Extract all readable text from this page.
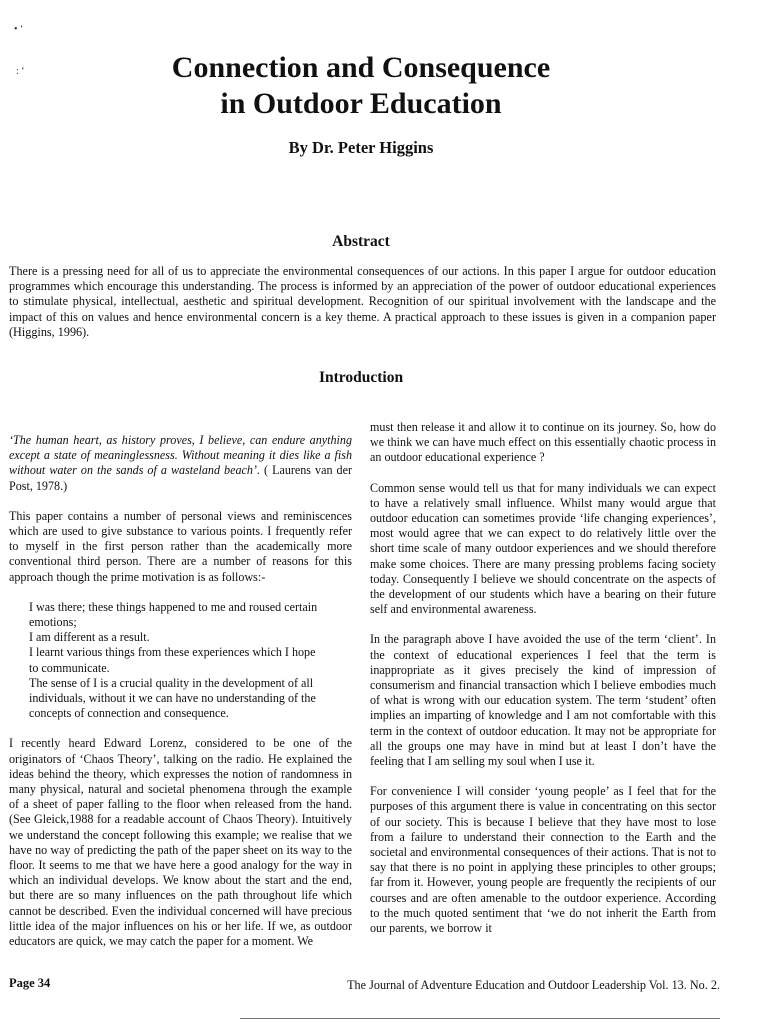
• ‘
: ‘	Connection and Consequence
in Outdoor Education
By Dr. Peter Higgins
Abstract

There is a pressing need for all of us to appreciate the environmental consequences of our actions. In this paper I argue for outdoor education programmes which encourage this understanding. The process is informed by an appreciation of the power of outdoor educational experiences to stimulate physical, intellectual, aesthetic and spiritual development. Recognition of our spiritual involvement with the landscape and the impact of this on values and hence environmental concern is a key theme. A practical approach to these issues is given in a companion paper (Higgins, 1996).

Introduction

‘The human heart, as history proves, I believe, can endure anything except a state of meaninglessness. Without meaning it dies like a fish without water on the sands of a wasteland beach’. ( Laurens van der Post, 1978.)

This paper contains a number of personal views and reminiscences which are used to give substance to various points. I frequently refer to myself in the first person rather than the academically more conventional third person. There are a number of reasons for this approach though the prime motivation is as follows:-

I was there; these things happened to me and roused certain
emotions;
I am different as a result.
I learnt various things from these experiences which I hope
to communicate.
The sense of I is a crucial quality in the development of all
individuals, without it we can have no understanding of the concepts of connection and consequence.

I recently heard Edward Lorenz, considered to be one of the originators of ‘Chaos Theory’, talking on the radio. He explained the ideas behind the theory, which expresses the notion of randomness in many physical, natural and societal phenomena through the example of a sheet of paper falling to the floor when released from the hand. (See Gleick,1988 for a readable account of Chaos Theory). Intuitively we understand the concept following this example; we realise that we have no way of predicting the path of the paper sheet on its way to the floor. It seems to me that we have here a good analogy for the way in which an individual develops. We know about the start and the end, but there are so many influences on the path throughout life which cannot be described. Even the individual concerned will have precious little idea of the major influences on his or her life. If we, as outdoor educators are quick, we may catch the paper for a moment. We

must then release it and allow it to continue on its journey. So, how do we think we can have much effect on this essentially chaotic process in an outdoor educational experience ?

Common sense would tell us that for many individuals we can expect to have a relatively small influence. Whilst many would argue that outdoor education can sometimes provide ‘life changing experiences’, most would agree that we can expect to do relatively little over the short time scale of many outdoor experiences and we should therefore make some choices. There are many pressing problems facing society today. Consequently I believe we should concentrate on the aspects of the development of our students which have a bearing on their future self and environmental awareness.

In the paragraph above I have avoided the use of the term ‘client’. In the context of educational experiences I feel that the term is inappropriate as it gives precisely the kind of impression of consumerism and financial transaction which I believe embodies much of what is wrong with our education system. The term ‘student’ often implies an imparting of knowledge and I am not comfortable with this term in the context of outdoor education. It may not be appropriate for all the groups one may have in mind but at least I don’t have the feeling that I am selling my soul when I use it.

For convenience I will consider ‘young people’ as I feel that for the purposes of this argument there is value in concentrating on this sector of our society. This is because I believe that they have most to lose from a failure to understand their connection to the Earth and the societal and environmental consequences of their actions. That is not to say that there is no point in applying these principles to other groups; far from it. However, young people are frequently the recipients of our courses and are often amenable to the outdoor experience. According to the much quoted sentiment that ‘we do not inherit the Earth from our parents, we borrow it

Page 34	The Journal of Adventure Education and Outdoor Leadership Vol. 13. No. 2.
